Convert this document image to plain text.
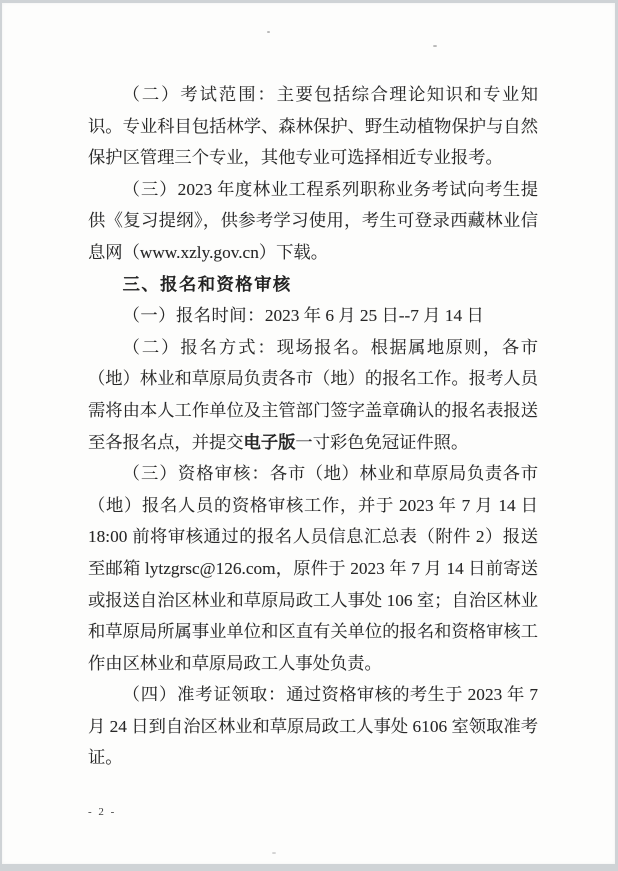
（二）考试范围：主要包括综合理论知识和专业知识。专业科目包括林学、森林保护、野生动植物保护与自然保护区管理三个专业，其他专业可选择相近专业报考。

（三）2023 年度林业工程系列职称业务考试向考生提供《复习提纲》，供参考学习使用，考生可登录西藏林业信息网（www.xzly.gov.cn）下载。

三、报名和资格审核

（一）报名时间：2023 年 6 月 25 日--7 月 14 日

（二）报名方式：现场报名。根据属地原则，各市（地）林业和草原局负责各市（地）的报名工作。报考人员需将由本人工作单位及主管部门签字盖章确认的报名表报送至各报名点，并提交电子版一寸彩色免冠证件照。

（三）资格审核：各市（地）林业和草原局负责各市（地）报名人员的资格审核工作，并于 2023 年 7 月 14 日 18:00 前将审核通过的报名人员信息汇总表（附件 2）报送至邮箱 lytzgrsc@126.com，原件于 2023 年 7 月 14 日前寄送或报送自治区林业和草原局政工人事处 106 室；自治区林业和草原局所属事业单位和区直有关单位的报名和资格审核工作由区林业和草原局政工人事处负责。

（四）准考证领取：通过资格审核的考生于 2023 年 7 月 24 日到自治区林业和草原局政工人事处 6106 室领取准考证。

- 2 -
